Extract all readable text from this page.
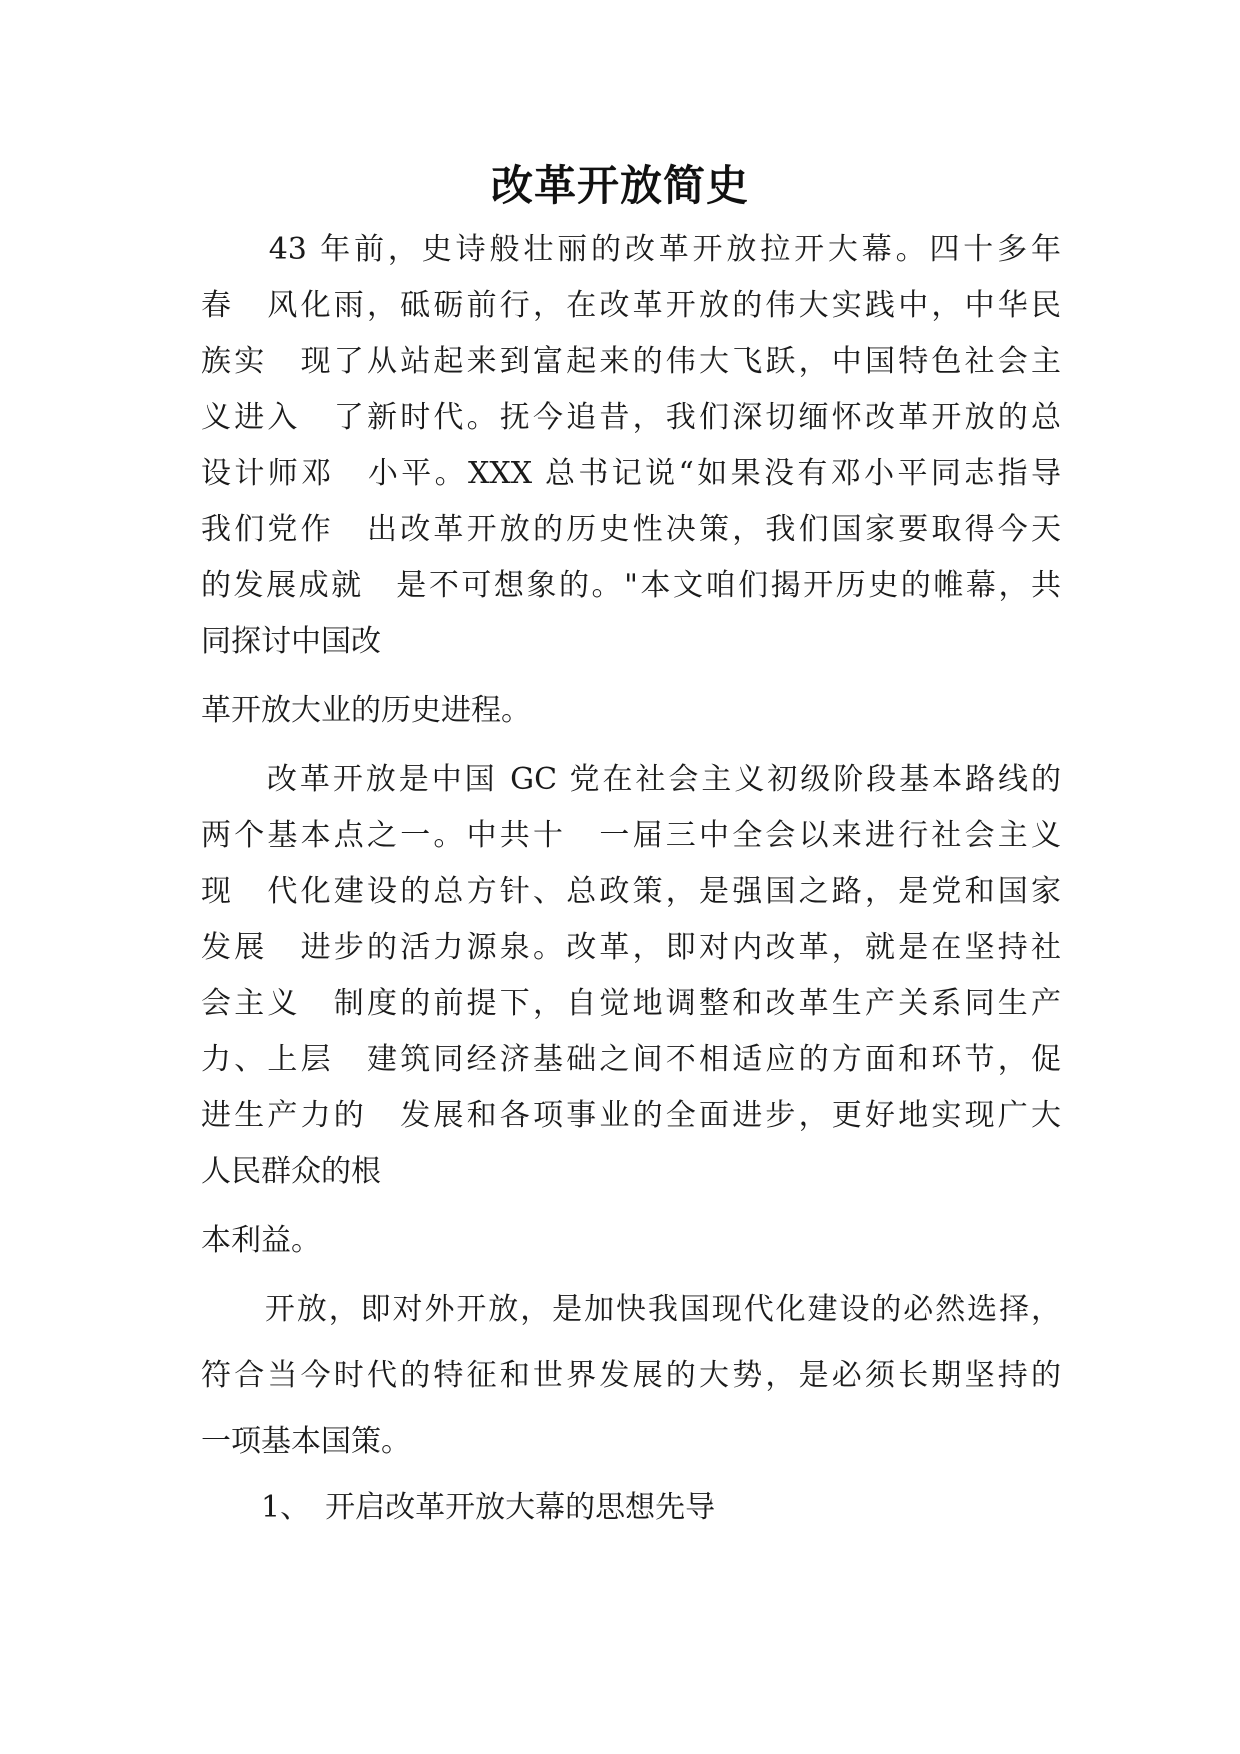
改革开放简史
　　43 年前，史诗般壮丽的改革开放拉开大幕。四十多年
春　风化雨，砥砺前行，在改革开放的伟大实践中，中华民
族实　现了从站起来到富起来的伟大飞跃，中国特色社会主
义进入　了新时代。抚今追昔，我们深切缅怀改革开放的总
设计师邓　小平。XXX 总书记说“如果没有邓小平同志指导
我们党作　出改革开放的历史性决策，我们国家要取得今天
的发展成就　是不可想象的。"本文咱们揭开历史的帷幕，共
同探讨中国改
革开放大业的历史进程。
　　改革开放是中国 GC 党在社会主义初级阶段基本路线的
两个基本点之一。中共十　一届三中全会以来进行社会主义
现　代化建设的总方针、总政策，是强国之路，是党和国家
发展　进步的活力源泉。改革，即对内改革，就是在坚持社
会主义　制度的前提下，自觉地调整和改革生产关系同生产
力、上层　建筑同经济基础之间不相适应的方面和环节，促
进生产力的　发展和各项事业的全面进步，更好地实现广大
人民群众的根
本利益。
　　开放，即对外开放，是加快我国现代化建设的必然选择，
符合当今时代的特征和世界发展的大势，是必须长期坚持的
一项基本国策。
　　1、　开启改革开放大幕的思想先导
